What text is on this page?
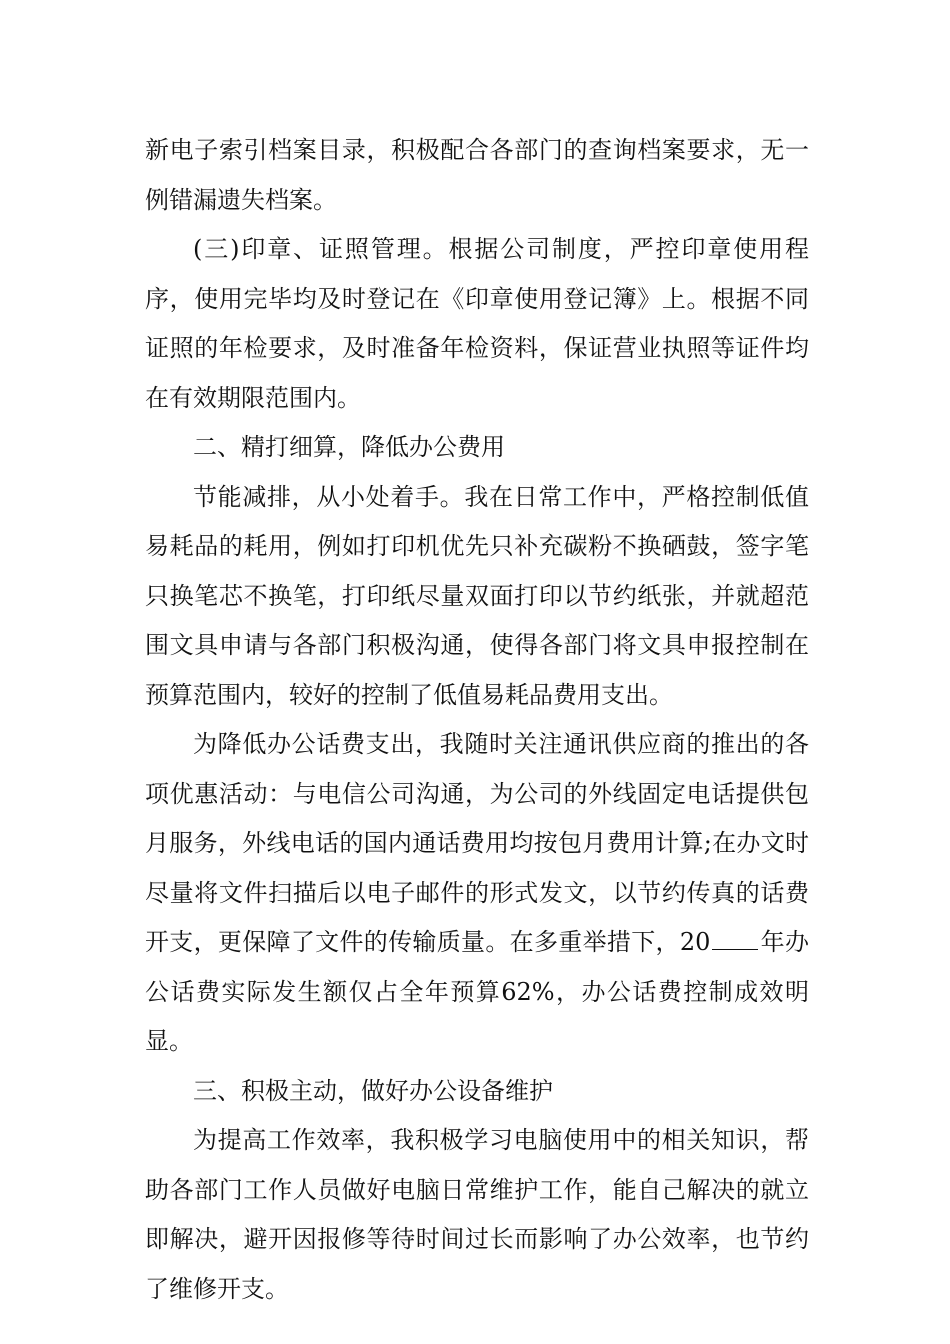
新电子索引档案目录，积极配合各部门的查询档案要求，无一例错漏遗失档案。

(三)印章、证照管理。根据公司制度，严控印章使用程序，使用完毕均及时登记在《印章使用登记簿》上。根据不同证照的年检要求，及时准备年检资料，保证营业执照等证件均在有效期限范围内。

二、精打细算，降低办公费用

节能减排，从小处着手。我在日常工作中，严格控制低值易耗品的耗用，例如打印机优先只补充碳粉不换硒鼓，签字笔只换笔芯不换笔，打印纸尽量双面打印以节约纸张，并就超范围文具申请与各部门积极沟通，使得各部门将文具申报控制在预算范围内，较好的控制了低值易耗品费用支出。

为降低办公话费支出，我随时关注通讯供应商的推出的各项优惠活动：与电信公司沟通，为公司的外线固定电话提供包月服务，外线电话的国内通话费用均按包月费用计算;在办文时尽量将文件扫描后以电子邮件的形式发文，以节约传真的话费开支，更保障了文件的传输质量。在多重举措下，20 年办公话费实际发生额仅占全年预算62%，办公话费控制成效明显。

三、积极主动，做好办公设备维护

为提高工作效率，我积极学习电脑使用中的相关知识，帮助各部门工作人员做好电脑日常维护工作，能自己解决的就立即解决，避开因报修等待时间过长而影响了办公效率，也节约了维修开支。
